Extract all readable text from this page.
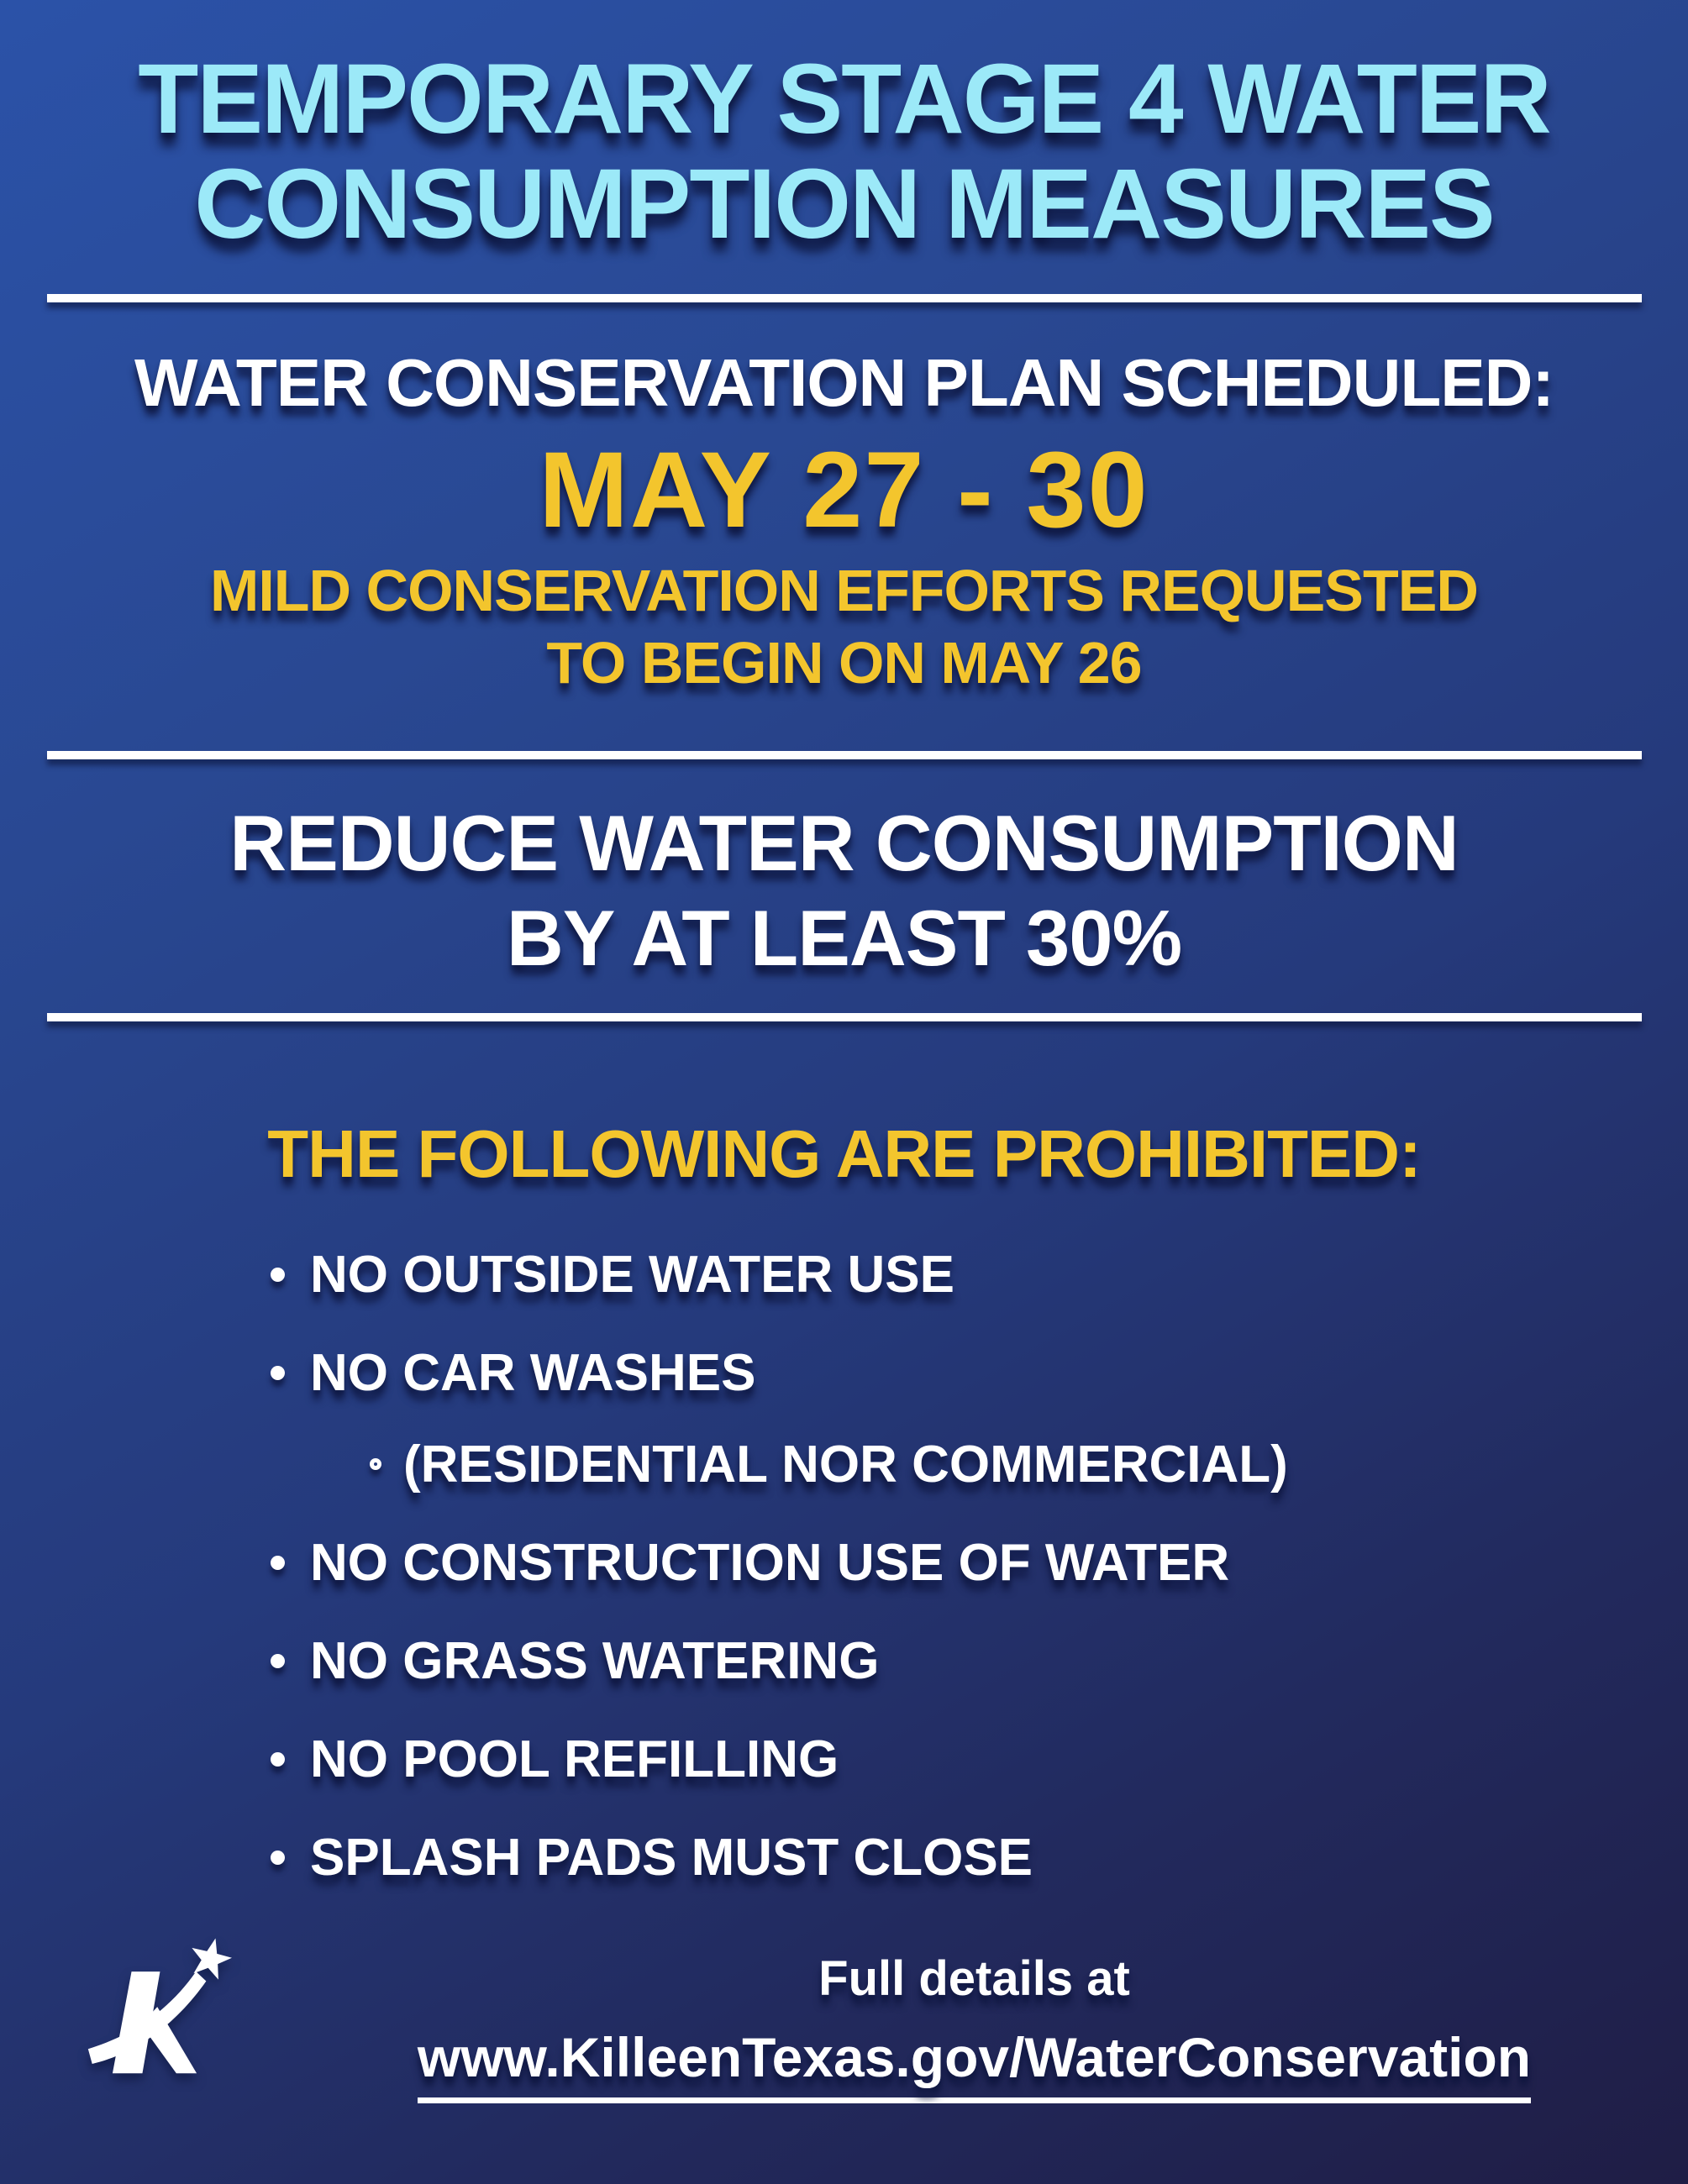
TEMPORARY STAGE 4 WATER
CONSUMPTION MEASURES
WATER CONSERVATION PLAN SCHEDULED:
MAY 27 - 30
MILD CONSERVATION EFFORTS REQUESTED
TO BEGIN ON MAY 26
REDUCE WATER CONSUMPTION
BY AT LEAST 30%
THE FOLLOWING ARE PROHIBITED:
NO OUTSIDE WATER USE
NO CAR WASHES
(RESIDENTIAL NOR COMMERCIAL)
NO CONSTRUCTION USE OF WATER
NO GRASS WATERING
NO POOL REFILLING
SPLASH PADS MUST CLOSE
Full details at
www.KilleenTexas.gov/WaterConservation
